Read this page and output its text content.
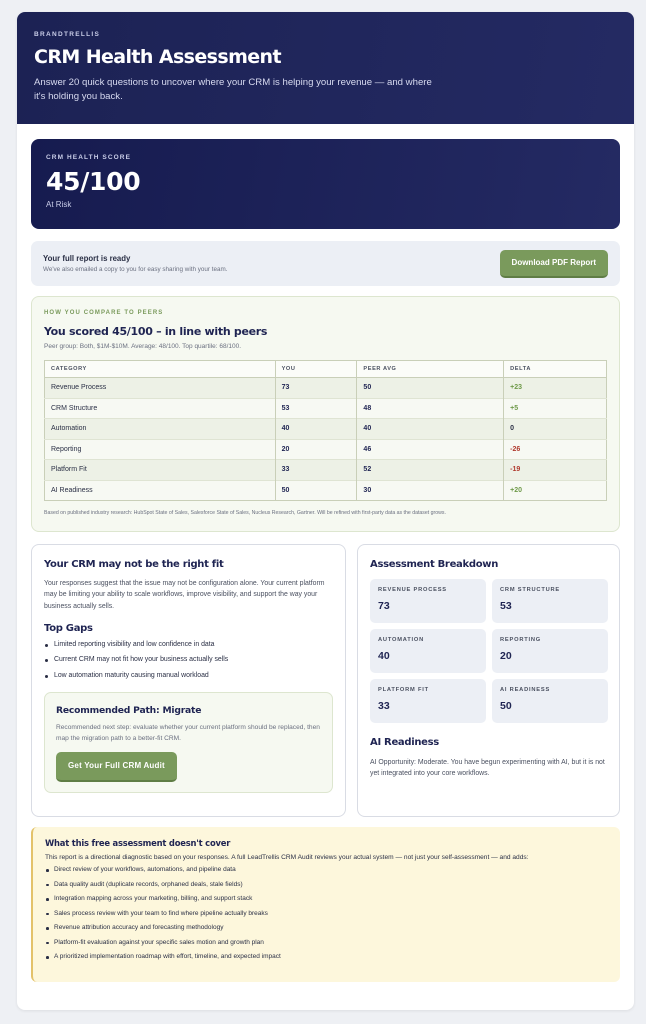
BRANDTRELLIS
CRM Health Assessment
Answer 20 quick questions to uncover where your CRM is helping your revenue — and where it's holding you back.
CRM HEALTH SCORE
45/100
At Risk
Your full report is ready
We've also emailed a copy to you for easy sharing with your team.
Download PDF Report
HOW YOU COMPARE TO PEERS
You scored 45/100 – in line with peers
Peer group: Both, $1M-$10M. Average: 48/100. Top quartile: 68/100.
CATEGORY	YOU	PEER AVG	DELTA
Revenue Process	73	50	+23
CRM Structure	53	48	+5
Automation	40	40	0
Reporting	20	46	-26
Platform Fit	33	52	-19
AI Readiness	50	30	+20
Based on published industry research: HubSpot State of Sales, Salesforce State of Sales, Nucleus Research, Gartner. Will be refined with first-party data as the dataset grows.
Your CRM may not be the right fit
Your responses suggest that the issue may not be configuration alone. Your current platform may be limiting your ability to scale workflows, improve visibility, and support the way your business actually sells.
Top Gaps
Limited reporting visibility and low confidence in data
Current CRM may not fit how your business actually sells
Low automation maturity causing manual workload
Recommended Path: Migrate
Recommended next step: evaluate whether your current platform should be replaced, then map the migration path to a better-fit CRM.
Get Your Full CRM Audit
Assessment Breakdown
REVENUE PROCESS
73
CRM STRUCTURE
53
AUTOMATION
40
REPORTING
20
PLATFORM FIT
33
AI READINESS
50
AI Readiness
AI Opportunity: Moderate. You have begun experimenting with AI, but it is not yet integrated into your core workflows.
What this free assessment doesn't cover
This report is a directional diagnostic based on your responses. A full LeadTrellis CRM Audit reviews your actual system — not just your self-assessment — and adds:
Direct review of your workflows, automations, and pipeline data
Data quality audit (duplicate records, orphaned deals, stale fields)
Integration mapping across your marketing, billing, and support stack
Sales process review with your team to find where pipeline actually breaks
Revenue attribution accuracy and forecasting methodology
Platform-fit evaluation against your specific sales motion and growth plan
A prioritized implementation roadmap with effort, timeline, and expected impact
